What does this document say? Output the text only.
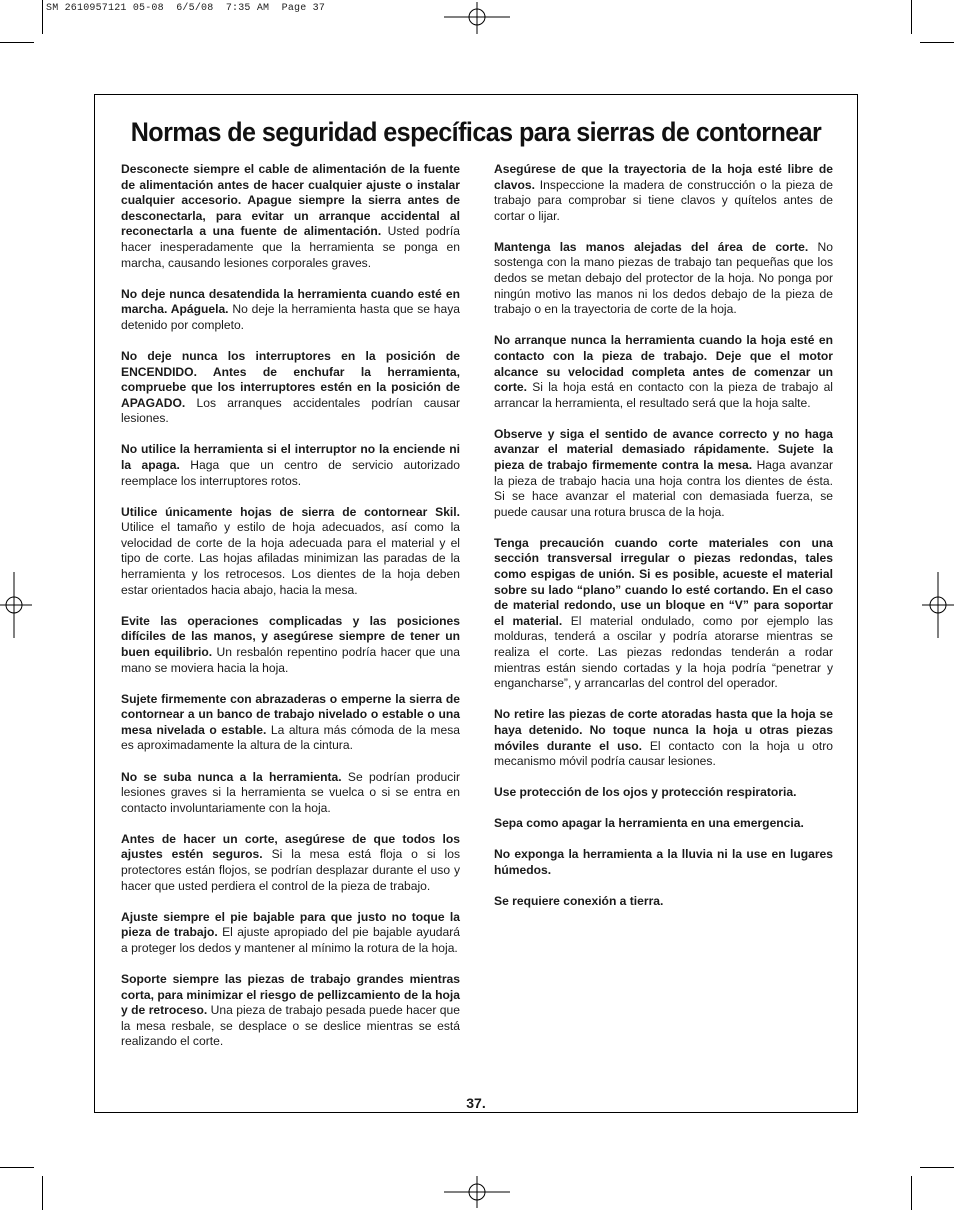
SM 2610957121 05-08  6/5/08  7:35 AM  Page 37
Normas de seguridad específicas para sierras de contornear

Desconecte siempre el cable de alimentación de la fuente de alimentación antes de hacer cualquier ajuste o instalar cualquier accesorio. Apague siempre la sierra antes de desconectarla, para evitar un arranque accidental al reconectarla a una fuente de alimentación. Usted podría hacer inesperadamente que la herramienta se ponga en marcha, causando lesiones corporales graves.

No deje nunca desatendida la herramienta cuando esté en marcha. Apáguela. No deje la herramienta hasta que se haya detenido por completo.

No deje nunca los interruptores en la posición de ENCENDIDO. Antes de enchufar la herramienta, compruebe que los interruptores estén en la posición de APAGADO. Los arranques accidentales podrían causar lesiones.

No utilice la herramienta si el interruptor no la enciende ni la apaga. Haga que un centro de servicio autorizado reemplace los interruptores rotos.

Utilice únicamente hojas de sierra de contornear Skil. Utilice el tamaño y estilo de hoja adecuados, así como la velocidad de corte de la hoja adecuada para el material y el tipo de corte. Las hojas afiladas minimizan las paradas de la herramienta y los retrocesos. Los dientes de la hoja deben estar orientados hacia abajo, hacia la mesa.

Evite las operaciones complicadas y las posiciones difíciles de las manos, y asegúrese siempre de tener un buen equilibrio. Un resbalón repentino podría hacer que una mano se moviera hacia la hoja.

Sujete firmemente con abrazaderas o emperne la sierra de contornear a un banco de trabajo nivelado o estable o una mesa nivelada o estable. La altura más cómoda de la mesa es aproximadamente la altura de la cintura.

No se suba nunca a la herramienta. Se podrían producir lesiones graves si la herramienta se vuelca o si se entra en contacto involuntariamente con la hoja.

Antes de hacer un corte, asegúrese de que todos los ajustes estén seguros. Si la mesa está floja o si los protectores están flojos, se podrían desplazar durante el uso y hacer que usted perdiera el control de la pieza de trabajo.

Ajuste siempre el pie bajable para que justo no toque la pieza de trabajo. El ajuste apropiado del pie bajable ayudará a proteger los dedos y mantener al mínimo la rotura de la hoja.

Soporte siempre las piezas de trabajo grandes mientras corta, para minimizar el riesgo de pellizcamiento de la hoja y de retroceso. Una pieza de trabajo pesada puede hacer que la mesa resbale, se desplace o se deslice mientras se está realizando el corte.

Asegúrese de que la trayectoria de la hoja esté libre de clavos. Inspeccione la madera de construcción o la pieza de trabajo para comprobar si tiene clavos y quítelos antes de cortar o lijar.

Mantenga las manos alejadas del área de corte. No sostenga con la mano piezas de trabajo tan pequeñas que los dedos se metan debajo del protector de la hoja. No ponga por ningún motivo las manos ni los dedos debajo de la pieza de trabajo o en la trayectoria de corte de la hoja.

No arranque nunca la herramienta cuando la hoja esté en contacto con la pieza de trabajo. Deje que el motor alcance su velocidad completa antes de comenzar un corte. Si la hoja está en contacto con la pieza de trabajo al arrancar la herramienta, el resultado será que la hoja salte.

Observe y siga el sentido de avance correcto y no haga avanzar el material demasiado rápidamente. Sujete la pieza de trabajo firmemente contra la mesa. Haga avanzar la pieza de trabajo hacia una hoja contra los dientes de ésta. Si se hace avanzar el material con demasiada fuerza, se puede causar una rotura brusca de la hoja.

Tenga precaución cuando corte materiales con una sección transversal irregular o piezas redondas, tales como espigas de unión. Si es posible, acueste el material sobre su lado “plano” cuando lo esté cortando. En el caso de material redondo, use un bloque en “V” para soportar el material. El material ondulado, como por ejemplo las molduras, tenderá a oscilar y podría atorarse mientras se realiza el corte. Las piezas redondas tenderán a rodar mientras están siendo cortadas y la hoja podría “penetrar y engancharse”, y arrancarlas del control del operador.

No retire las piezas de corte atoradas hasta que la hoja se haya detenido. No toque nunca la hoja u otras piezas móviles durante el uso. El contacto con la hoja u otro mecanismo móvil podría causar lesiones.

Use protección de los ojos y protección respiratoria.

Sepa como apagar la herramienta en una emergencia.

No exponga la herramienta a la lluvia ni la use en lugares húmedos.

Se requiere conexión a tierra.

37.
